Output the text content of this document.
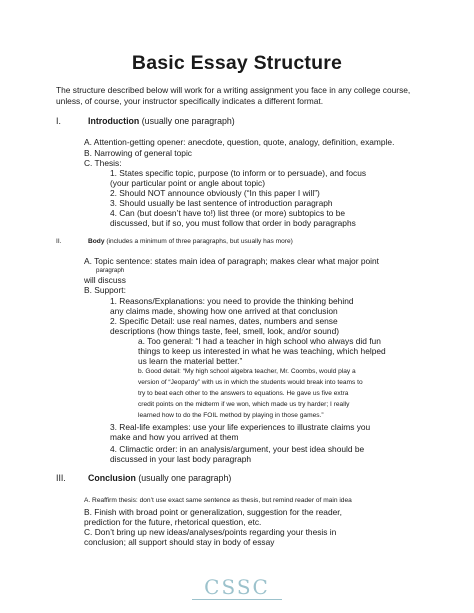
Basic Essay Structure
The structure described below will work for a writing assignment you face in any college course, unless, of course, your instructor specifically indicates a different format.
I.	Introduction (usually one paragraph)
A. Attention-getting opener: anecdote, question, quote, analogy, definition, example.
B. Narrowing of general topic
C. Thesis:
1. States specific topic, purpose (to inform or to persuade), and focus
(your particular point or angle about topic)
2. Should NOT announce obviously (“In this paper I will”)
3. Should usually be last sentence of introduction paragraph
4. Can (but doesn’t have to!) list three (or more) subtopics to be
discussed, but if so, you must follow that order in body paragraphs
II.	Body (includes a minimum of three paragraphs, but usually has more)
A. Topic sentence: states main idea of paragraph; makes clear what major point
paragraph
will discuss
B. Support:
1. Reasons/Explanations: you need to provide the thinking behind
any claims made, showing how one arrived at that conclusion
2. Specific Detail: use real names, dates, numbers and sense
descriptions (how things taste, feel, smell, look, and/or sound)
a. Too general: “I had a teacher in high school who always did fun
things to keep us interested in what he was teaching, which helped
us learn the material better.”
b. Good detail: “My high school algebra teacher, Mr. Coombs, would play a
version of “Jeopardy” with us in which the students would break into teams to
try to beat each other to the answers to equations. He gave us five extra
credit points on the midterm if we won, which made us try harder; I really
learned how to do the FOIL method by playing in those games.”
3. Real-life examples: use your life experiences to illustrate claims you
make and how you arrived at them
4. Climactic order: in an analysis/argument, your best idea should be
discussed in your last body paragraph
III.	Conclusion (usually one paragraph)
A. Reaffirm thesis: don’t use exact same sentence as thesis, but remind reader of main idea
B. Finish with broad point or generalization, suggestion for the reader,
prediction for the future, rhetorical question, etc.
C. Don’t bring up new ideas/analyses/points regarding your thesis in
conclusion; all support should stay in body of essay
CSSC
